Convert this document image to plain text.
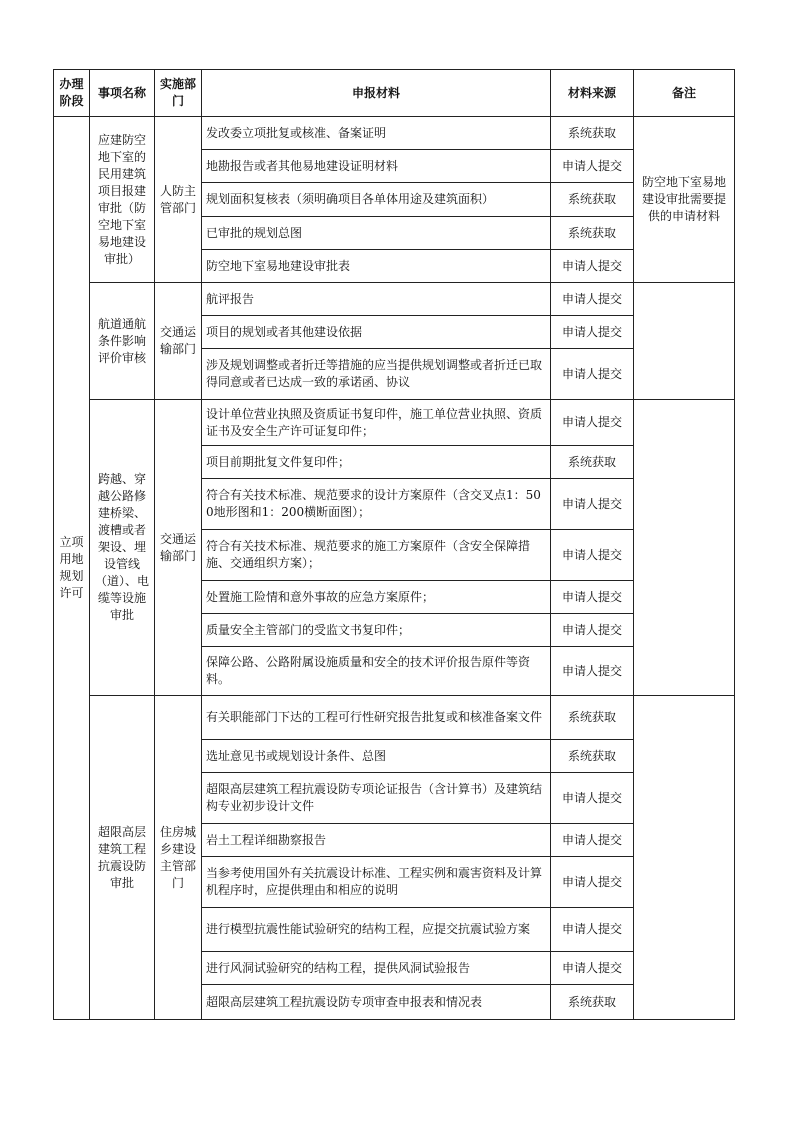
办理阶段	事项名称	实施部门	申报材料	材料来源	备注
立项用地规划许可	应建防空地下室的民用建筑项目报建审批（防空地下室易地建设审批）	人防主管部门	发改委立项批复或核准、备案证明	系统获取	防空地下室易地建设审批需要提供的申请材料
			地勘报告或者其他易地建设证明材料	申请人提交	
			规划面积复核表（须明确项目各单体用途及建筑面积）	系统获取	
			已审批的规划总图	系统获取	
			防空地下室易地建设审批表	申请人提交	
	航道通航条件影响评价审核	交通运输部门	航评报告	申请人提交	
			项目的规划或者其他建设依据	申请人提交	
			涉及规划调整或者折迁等措施的应当提供规划调整或者折迁已取得同意或者已达成一致的承诺函、协议	申请人提交	
	跨越、穿越公路修建桥梁、渡槽或者架设、埋设管线（道）、电缆等设施审批	交通运输部门	设计单位营业执照及资质证书复印件，施工单位营业执照、资质证书及安全生产许可证复印件；	申请人提交	
			项目前期批复文件复印件；	系统获取	
			符合有关技术标准、规范要求的设计方案原件（含交叉点1：500地形图和1：200横断面图）；	申请人提交	
			符合有关技术标准、规范要求的施工方案原件（含安全保障措施、交通组织方案）；	申请人提交	
			处置施工险情和意外事故的应急方案原件；	申请人提交	
			质量安全主管部门的受监文书复印件；	申请人提交	
			保障公路、公路附属设施质量和安全的技术评价报告原件等资料。	申请人提交	
	超限高层建筑工程抗震设防审批	住房城乡建设主管部门	有关职能部门下达的工程可行性研究报告批复或和核准备案文件	系统获取	
			选址意见书或规划设计条件、总图	系统获取	
			超限高层建筑工程抗震设防专项论证报告（含计算书）及建筑结构专业初步设计文件	申请人提交	
			岩土工程详细勘察报告	申请人提交	
			当参考使用国外有关抗震设计标准、工程实例和震害资料及计算机程序时，应提供理由和相应的说明	申请人提交	
			进行模型抗震性能试验研究的结构工程，应提交抗震试验方案	申请人提交	
			进行风洞试验研究的结构工程，提供风洞试验报告	申请人提交	
			超限高层建筑工程抗震设防专项审查申报表和情况表	系统获取	
